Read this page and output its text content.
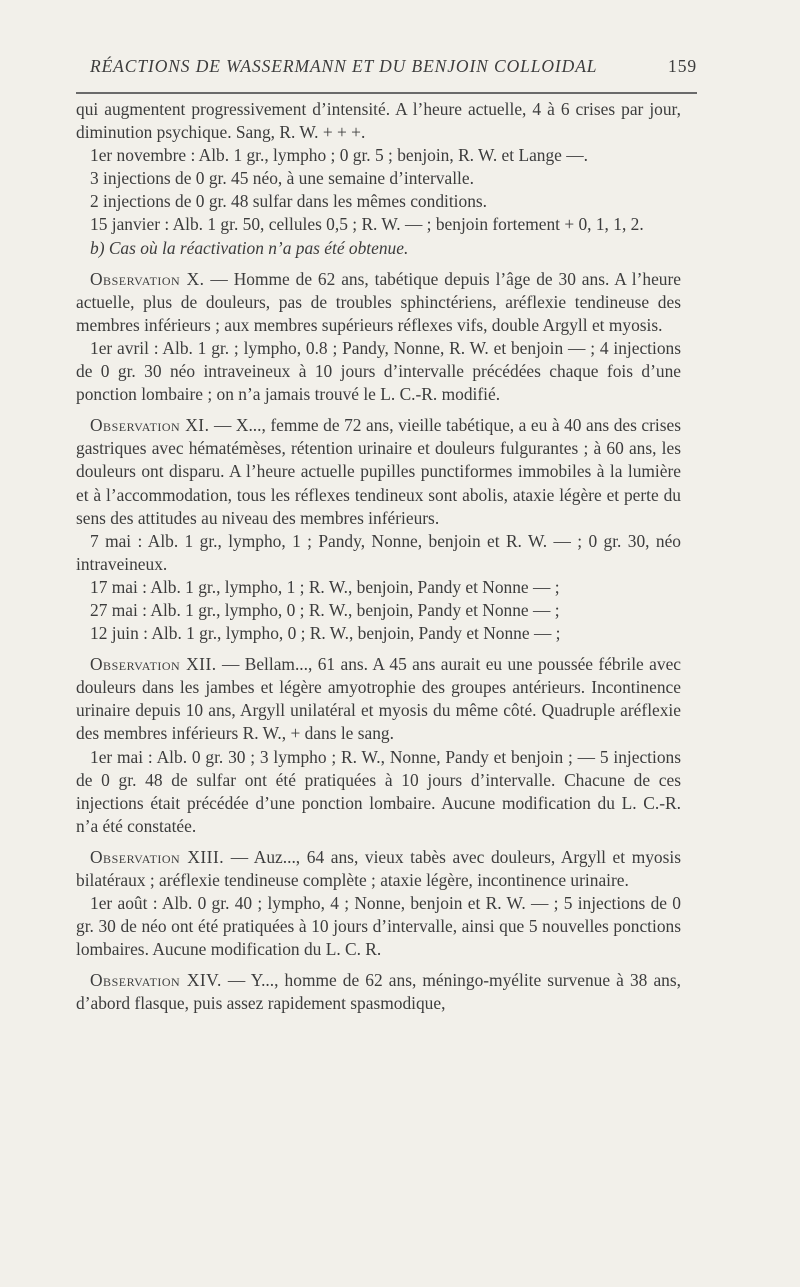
RÉACTIONS DE WASSERMANN ET DU BENJOIN COLLOIDAL	159

qui augmentent progressivement d’intensité. A l’heure actuelle, 4 à 6 crises par jour, diminution psychique. Sang, R. W. + + +.

1er novembre : Alb. 1 gr., lympho ; 0 gr. 5 ; benjoin, R. W. et Lange —.

3 injections de 0 gr. 45 néo, à une semaine d’intervalle.

2 injections de 0 gr. 48 sulfar dans les mêmes conditions.

15 janvier : Alb. 1 gr. 50, cellules 0,5 ; R. W. — ; benjoin fortement + 0, 1, 1, 2.

b) Cas où la réactivation n’a pas été obtenue.

Observation X. — Homme de 62 ans, tabétique depuis l’âge de 30 ans. A l’heure actuelle, plus de douleurs, pas de troubles sphinctériens, aréflexie tendineuse des membres inférieurs ; aux membres supérieurs réflexes vifs, double Argyll et myosis.

1er avril : Alb. 1 gr. ; lympho, 0.8 ; Pandy, Nonne, R. W. et benjoin — ; 4 injections de 0 gr. 30 néo intraveineux à 10 jours d’intervalle précédées chaque fois d’une ponction lombaire ; on n’a jamais trouvé le L. C.-R. modifié.

Observation XI. — X..., femme de 72 ans, vieille tabétique, a eu à 40 ans des crises gastriques avec hématémèses, rétention urinaire et douleurs fulgurantes ; à 60 ans, les douleurs ont disparu. A l’heure actuelle pupilles punctiformes immobiles à la lumière et à l’accommodation, tous les réflexes tendineux sont abolis, ataxie légère et perte du sens des attitudes au niveau des membres inférieurs.

7 mai : Alb. 1 gr., lympho, 1 ; Pandy, Nonne, benjoin et R. W. — ; 0 gr. 30, néo intraveineux.

17 mai : Alb. 1 gr., lympho, 1 ; R. W., benjoin, Pandy et Nonne — ;

27 mai : Alb. 1 gr., lympho, 0 ; R. W., benjoin, Pandy et Nonne — ;

12 juin : Alb. 1 gr., lympho, 0 ; R. W., benjoin, Pandy et Nonne — ;

Observation XII. — Bellam..., 61 ans. A 45 ans aurait eu une poussée fébrile avec douleurs dans les jambes et légère amyotrophie des groupes antérieurs. Incontinence urinaire depuis 10 ans, Argyll unilatéral et myosis du même côté. Quadruple aréflexie des membres inférieurs R. W., + dans le sang.

1er mai : Alb. 0 gr. 30 ; 3 lympho ; R. W., Nonne, Pandy et benjoin ; — 5 injections de 0 gr. 48 de sulfar ont été pratiquées à 10 jours d’intervalle. Chacune de ces injections était précédée d’une ponction lombaire. Aucune modification du L. C.-R. n’a été constatée.

Observation XIII. — Auz..., 64 ans, vieux tabès avec douleurs, Argyll et myosis bilatéraux ; aréflexie tendineuse complète ; ataxie légère, incontinence urinaire.

1er août : Alb. 0 gr. 40 ; lympho, 4 ; Nonne, benjoin et R. W. — ; 5 injections de 0 gr. 30 de néo ont été pratiquées à 10 jours d’intervalle, ainsi que 5 nouvelles ponctions lombaires. Aucune modification du L. C. R.

Observation XIV. — Y..., homme de 62 ans, méningo-myélite survenue à 38 ans, d’abord flasque, puis assez rapidement spasmodique,
